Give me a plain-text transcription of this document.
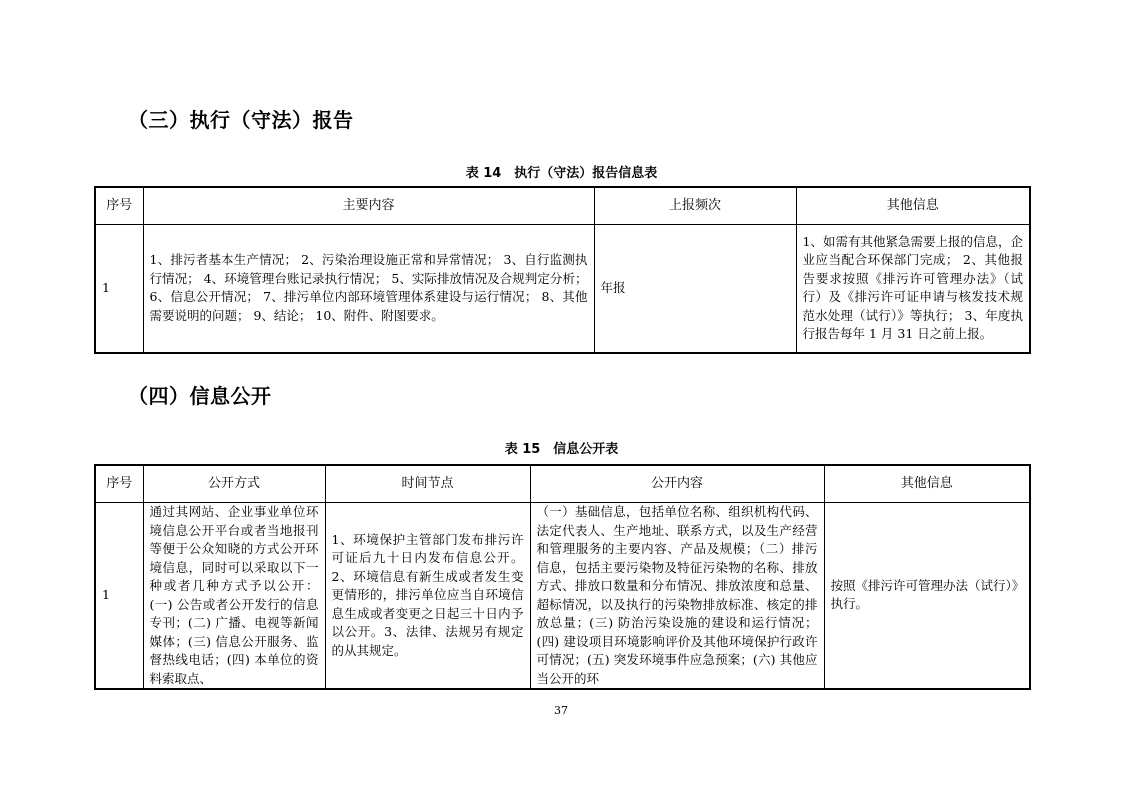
（三）执行（守法）报告
表 14　执行（守法）报告信息表
序号	主要内容	上报频次	其他信息
1	1、排污者基本生产情况； 2、污染治理设施正常和异常情况； 3、自行监测执行情况； 4、环境管理台账记录执行情况； 5、实际排放情况及合规判定分析； 6、信息公开情况； 7、排污单位内部环境管理体系建设与运行情况； 8、其他需要说明的问题； 9、结论； 10、附件、附图要求。	年报	1、如需有其他紧急需要上报的信息，企业应当配合环保部门完成； 2、其他报告要求按照《排污许可管理办法》（试行）及《排污许可证申请与核发技术规范水处理（试行）》等执行； 3、年度执行报告每年 1 月 31 日之前上报。
（四）信息公开
表 15　信息公开表
序号	公开方式	时间节点	公开内容	其他信息
1	通过其网站、企业事业单位环境信息公开平台或者当地报刊等便于公众知晓的方式公开环境信息，同时可以采取以下一种或者几种方式予以公开：(一) 公告或者公开发行的信息专刊；(二) 广播、电视等新闻媒体；(三) 信息公开服务、监督热线电话；(四) 本单位的资料索取点、	1、环境保护主管部门发布排污许可证后九十日内发布信息公开。2、环境信息有新生成或者发生变更情形的，排污单位应当自环境信息生成或者变更之日起三十日内予以公开。3、法律、法规另有规定的从其规定。	（一）基础信息，包括单位名称、组织机构代码、法定代表人、生产地址、联系方式，以及生产经营和管理服务的主要内容、产品及规模；（二）排污信息，包括主要污染物及特征污染物的名称、排放方式、排放口数量和分布情况、排放浓度和总量、超标情况，以及执行的污染物排放标准、核定的排放总量；(三) 防治污染设施的建设和运行情况；(四) 建设项目环境影响评价及其他环境保护行政许可情况；(五) 突发环境事件应急预案；(六) 其他应当公开的环	按照《排污许可管理办法（试行）》执行。
37
